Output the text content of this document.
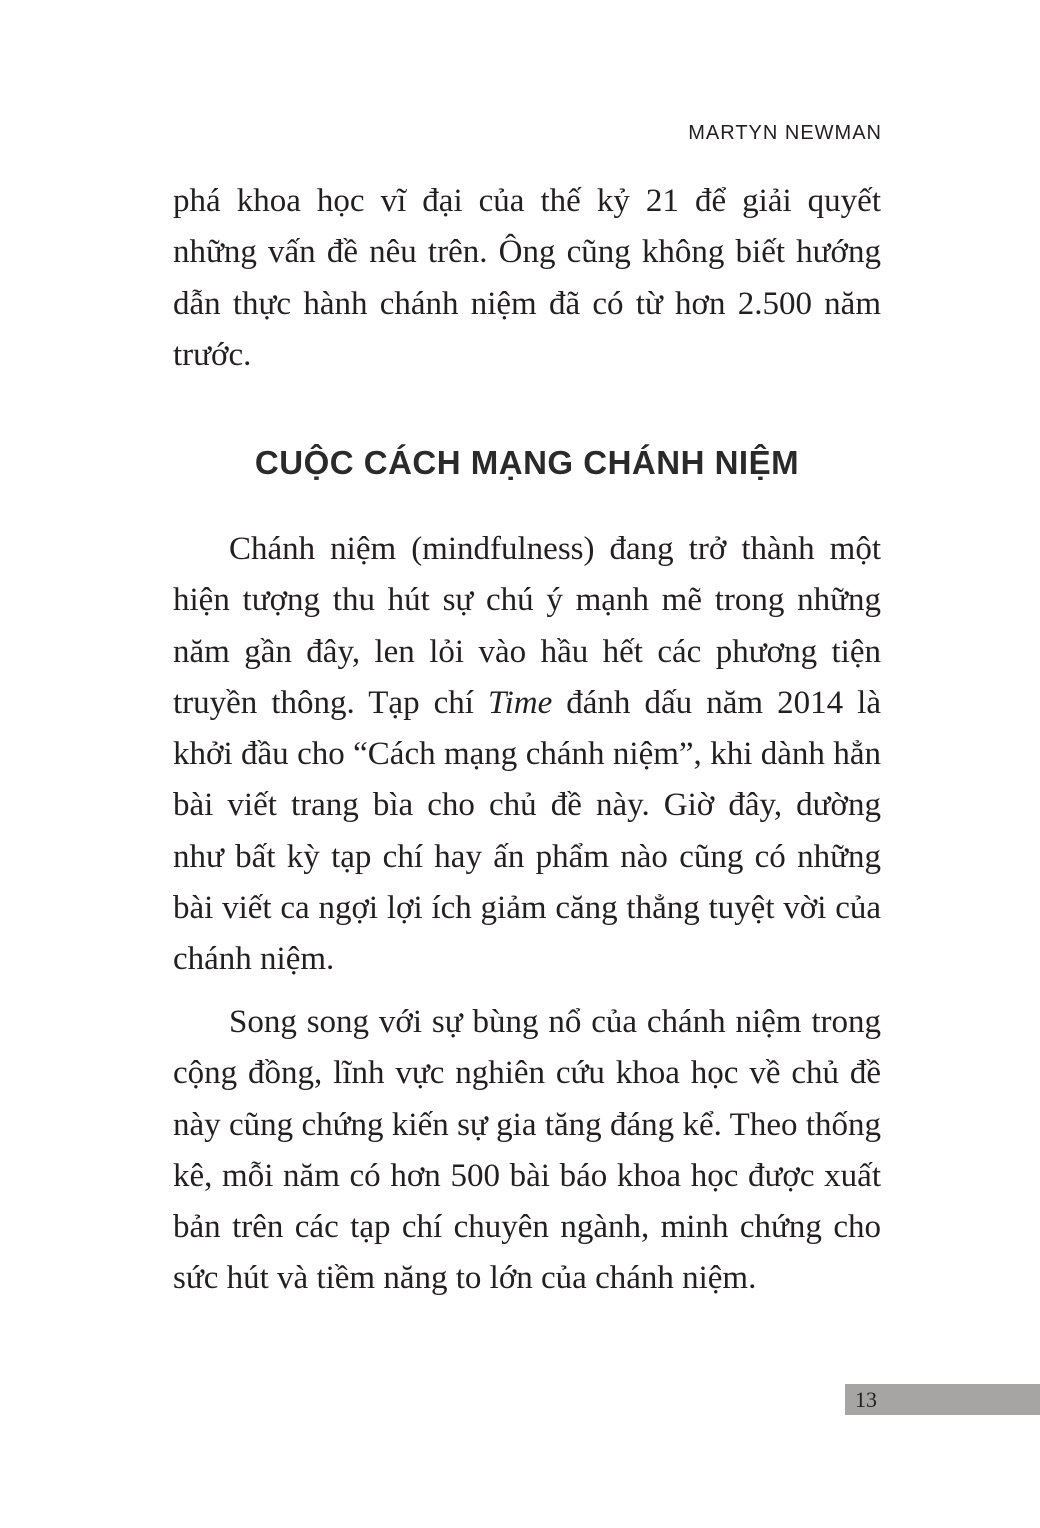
MARTYN NEWMAN

phá khoa học vĩ đại của thế kỷ 21 để giải quyết những vấn đề nêu trên. Ông cũng không biết hướng dẫn thực hành chánh niệm đã có từ hơn 2.500 năm trước.

CUỘC CÁCH MẠNG CHÁNH NIỆM

Chánh niệm (mindfulness) đang trở thành một hiện tượng thu hút sự chú ý mạnh mẽ trong những năm gần đây, len lỏi vào hầu hết các phương tiện truyền thông. Tạp chí Time đánh dấu năm 2014 là khởi đầu cho “Cách mạng chánh niệm”, khi dành hẳn bài viết trang bìa cho chủ đề này. Giờ đây, dường như bất kỳ tạp chí hay ấn phẩm nào cũng có những bài viết ca ngợi lợi ích giảm căng thẳng tuyệt vời của chánh niệm.

Song song với sự bùng nổ của chánh niệm trong cộng đồng, lĩnh vực nghiên cứu khoa học về chủ đề này cũng chứng kiến sự gia tăng đáng kể. Theo thống kê, mỗi năm có hơn 500 bài báo khoa học được xuất bản trên các tạp chí chuyên ngành, minh chứng cho sức hút và tiềm năng to lớn của chánh niệm.

13
